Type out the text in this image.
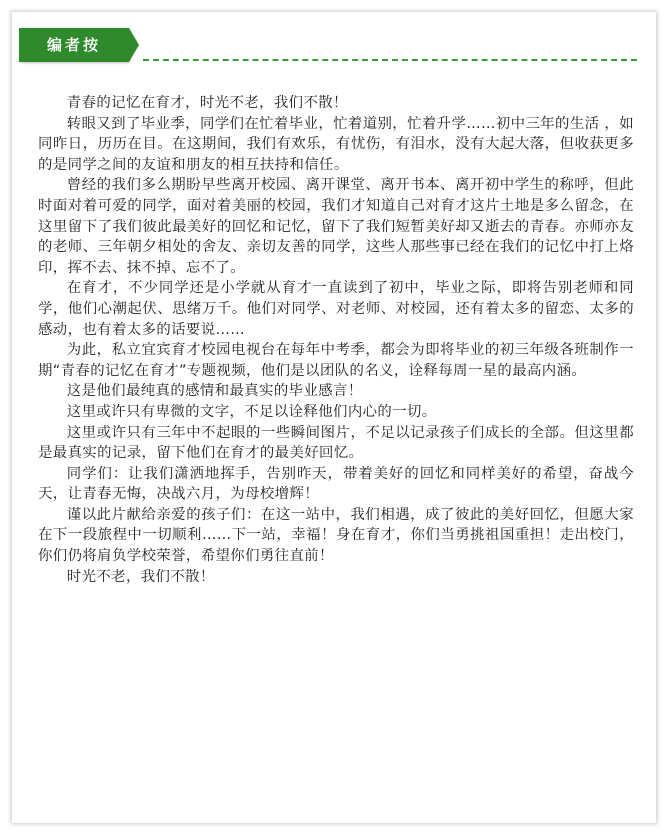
编者按

青春的记忆在育才，时光不老，我们不散！

转眼又到了毕业季，同学们在忙着毕业，忙着道别，忙着升学……初中三年的生活 ，如同昨日，历历在目。在这期间，我们有欢乐，有忧伤，有泪水，没有大起大落，但收获更多的是同学之间的友谊和朋友的相互扶持和信任。

曾经的我们多么期盼早些离开校园、离开课堂、离开书本、离开初中学生的称呼，但此时面对着可爱的同学，面对着美丽的校园，我们才知道自己对育才这片土地是多么留念，在这里留下了我们彼此最美好的回忆和记忆，留下了我们短暂美好却又逝去的青春。亦师亦友的老师、三年朝夕相处的舍友、亲切友善的同学，这些人那些事已经在我们的记忆中打上烙印，挥不去、抹不掉、忘不了。

在育才，不少同学还是小学就从育才一直读到了初中，毕业之际，即将告别老师和同学，他们心潮起伏、思绪万千。他们对同学、对老师、对校园，还有着太多的留恋、太多的感动，也有着太多的话要说……

为此，私立宜宾育才校园电视台在每年中考季，都会为即将毕业的初三年级各班制作一期“青春的记忆在育才”专题视频，他们是以团队的名义，诠释每周一星的最高内涵。

这是他们最纯真的感情和最真实的毕业感言！

这里或许只有卑微的文字，不足以诠释他们内心的一切。

这里或许只有三年中不起眼的一些瞬间图片，不足以记录孩子们成长的全部。但这里都是最真实的记录，留下他们在育才的最美好回忆。

同学们：让我们潇洒地挥手，告别昨天，带着美好的回忆和同样美好的希望，奋战今天，让青春无悔，决战六月，为母校增辉！

谨以此片献给亲爱的孩子们：在这一站中，我们相遇，成了彼此的美好回忆，但愿大家在下一段旅程中一切顺利……下一站，幸福！身在育才，你们当勇挑祖国重担！走出校门，你们仍将肩负学校荣誉，希望你们勇往直前！

时光不老，我们不散！
